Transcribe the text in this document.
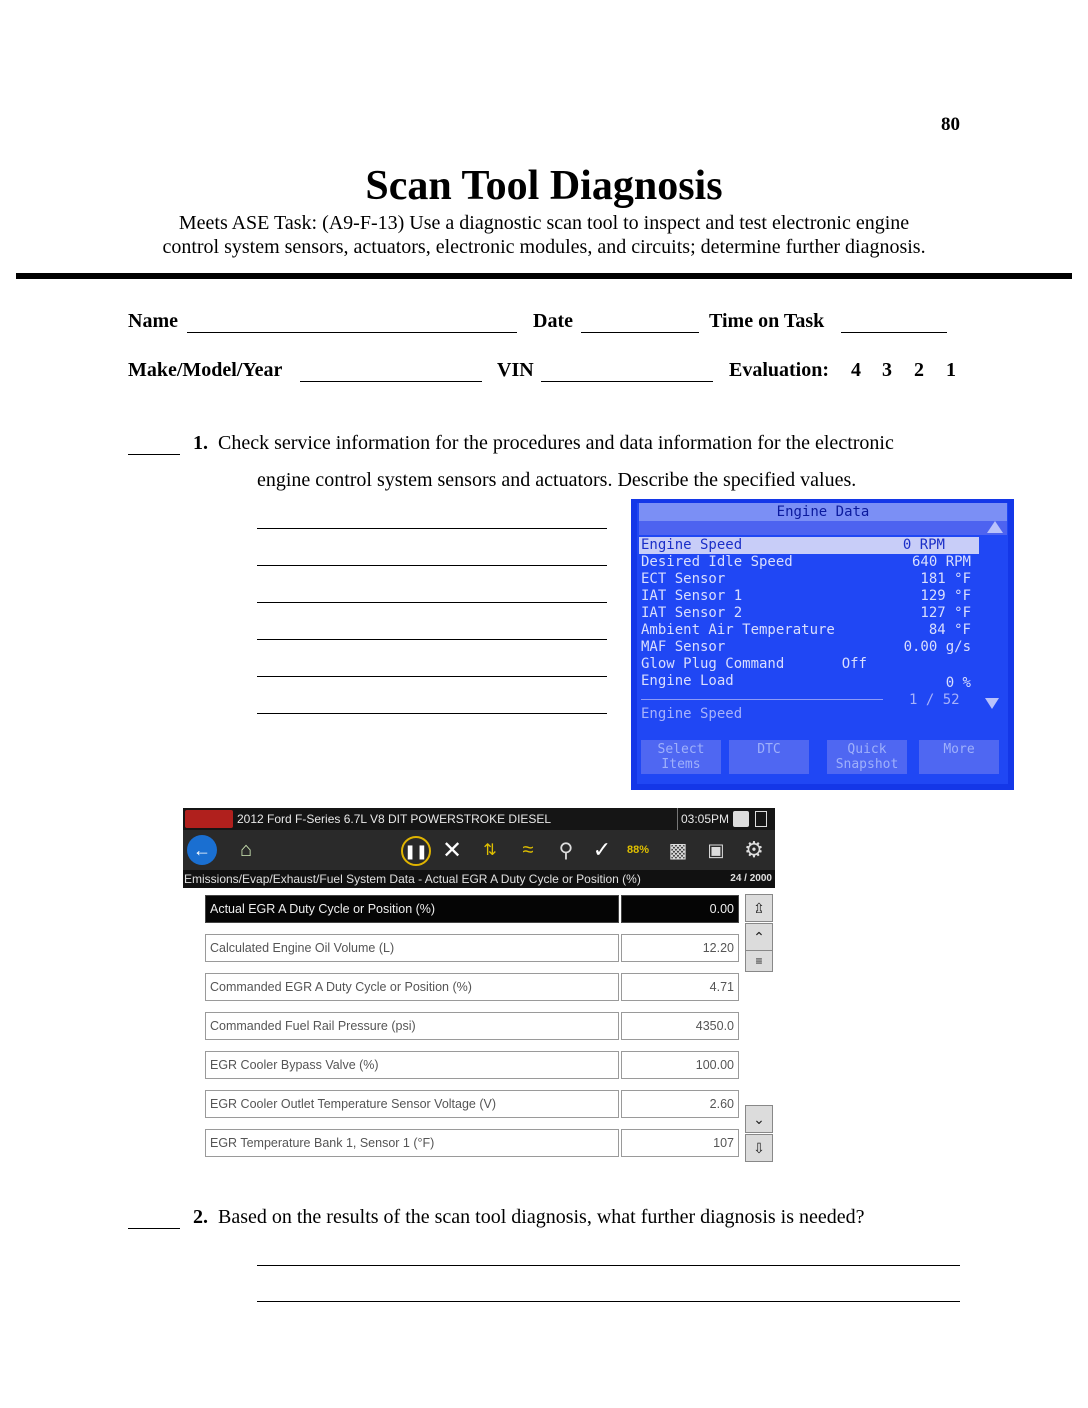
80
Scan Tool Diagnosis
Meets ASE Task: (A9-F-13) Use a diagnostic scan tool to inspect and test electronic engine
control system sensors, actuators, electronic modules, and circuits; determine further diagnosis.
Name	Date	Time on Task
Make/Model/Year	VIN	Evaluation: 4 3 2 1
1. Check service information for the procedures and data information for the electronic
engine control system sensors and actuators. Describe the specified values.
Engine Data
Engine Speed	0 RPM
Desired Idle Speed	640 RPM
ECT Sensor	181 °F
IAT Sensor 1	129 °F
IAT Sensor 2	127 °F
Ambient Air Temperature	84 °F
MAF Sensor	0.00 g/s
Glow Plug Command	Off
Engine Load	0 %
1 / 52
Engine Speed
Select Items
DTC	Quick Snapshot
More
2012 Ford F-Series 6.7L V8 DIT POWERSTROKE DIESEL	03:05PM
←	⌂	❚❚ ✕	⇅	≈	⚲ ✓	88% ▩	▣ ⚙
Emissions/Evap/Exhaust/Fuel System Data - Actual EGR A Duty Cycle or Position (%)	24 / 2000
Actual EGR A Duty Cycle or Position (%)	0.00
Calculated Engine Oil Volume (L)	12.20
Commanded EGR A Duty Cycle or Position (%)	4.71
Commanded Fuel Rail Pressure (psi)	4350.0
EGR Cooler Bypass Valve (%)	100.00
EGR Cooler Outlet Temperature Sensor Voltage (V)	2.60
EGR Temperature Bank 1, Sensor 1 (°F)	107
⇫
⌃
≡
⌄
⇩
2. Based on the results of the scan tool diagnosis, what further diagnosis is needed?
